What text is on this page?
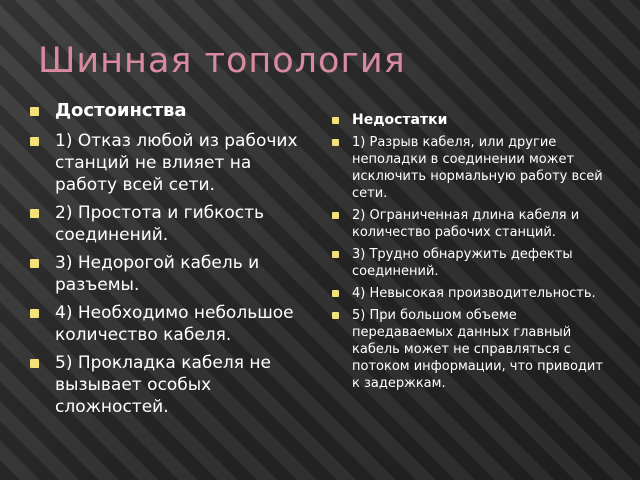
Шинная топология
Достоинства
1) Отказ любой из рабочих станций не влияет на работу всей сети.
2) Простота и гибкость соединений.
3) Недорогой кабель и разъемы.
4) Необходимо небольшое количество кабеля.
5) Прокладка кабеля не вызывает особых сложностей.
Недостатки
1) Разрыв кабеля, или другие неполадки в соединении может исключить нормальную работу всей сети.
2) Ограниченная длина кабеля и количество рабочих станций.
3) Трудно обнаружить дефекты соединений.
4) Невысокая производительность.
5) При большом объеме передаваемых данных главный кабель может не справляться с потоком информации, что приводит к задержкам.
